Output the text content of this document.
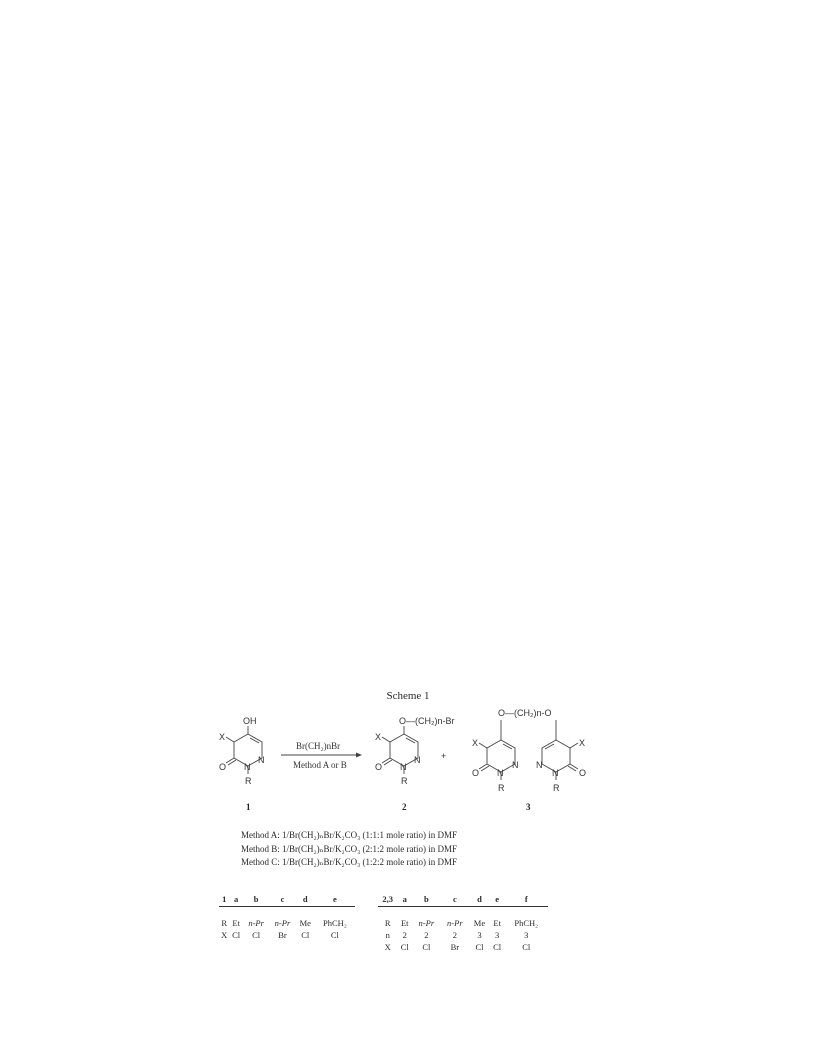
Scheme 1
OH
X
O N
N
R
1
Br(CH₂)nBr
Method A or B
O—(CH₂)n-Br
X
O N
N
R
2
+
O—(CH₂)n-O
X
O N
N
R
X
O
N
N
R
3
Method A: 1/Br(CH₂)ₙBr/K₂CO₃ (1:1:1 mole ratio) in DMF
Method B: 1/Br(CH₂)ₙBr/K₂CO₃ (2:1:2 mole ratio) in DMF
Method C: 1/Br(CH₂)ₙBr/K₂CO₃ (1:2:2 mole ratio) in DMF
1	a	b	c	d	e
R	Et	n-Pr	n-Pr	Me	PhCH₂
X	Cl	Cl	Br	Cl	Cl
2,3	a	b	c	d	e	f
R	Et	n-Pr	n-Pr	Me	Et	PhCH₂
n	2	2	2	3	3	3
X	Cl	Cl	Br	Cl	Cl	Cl
